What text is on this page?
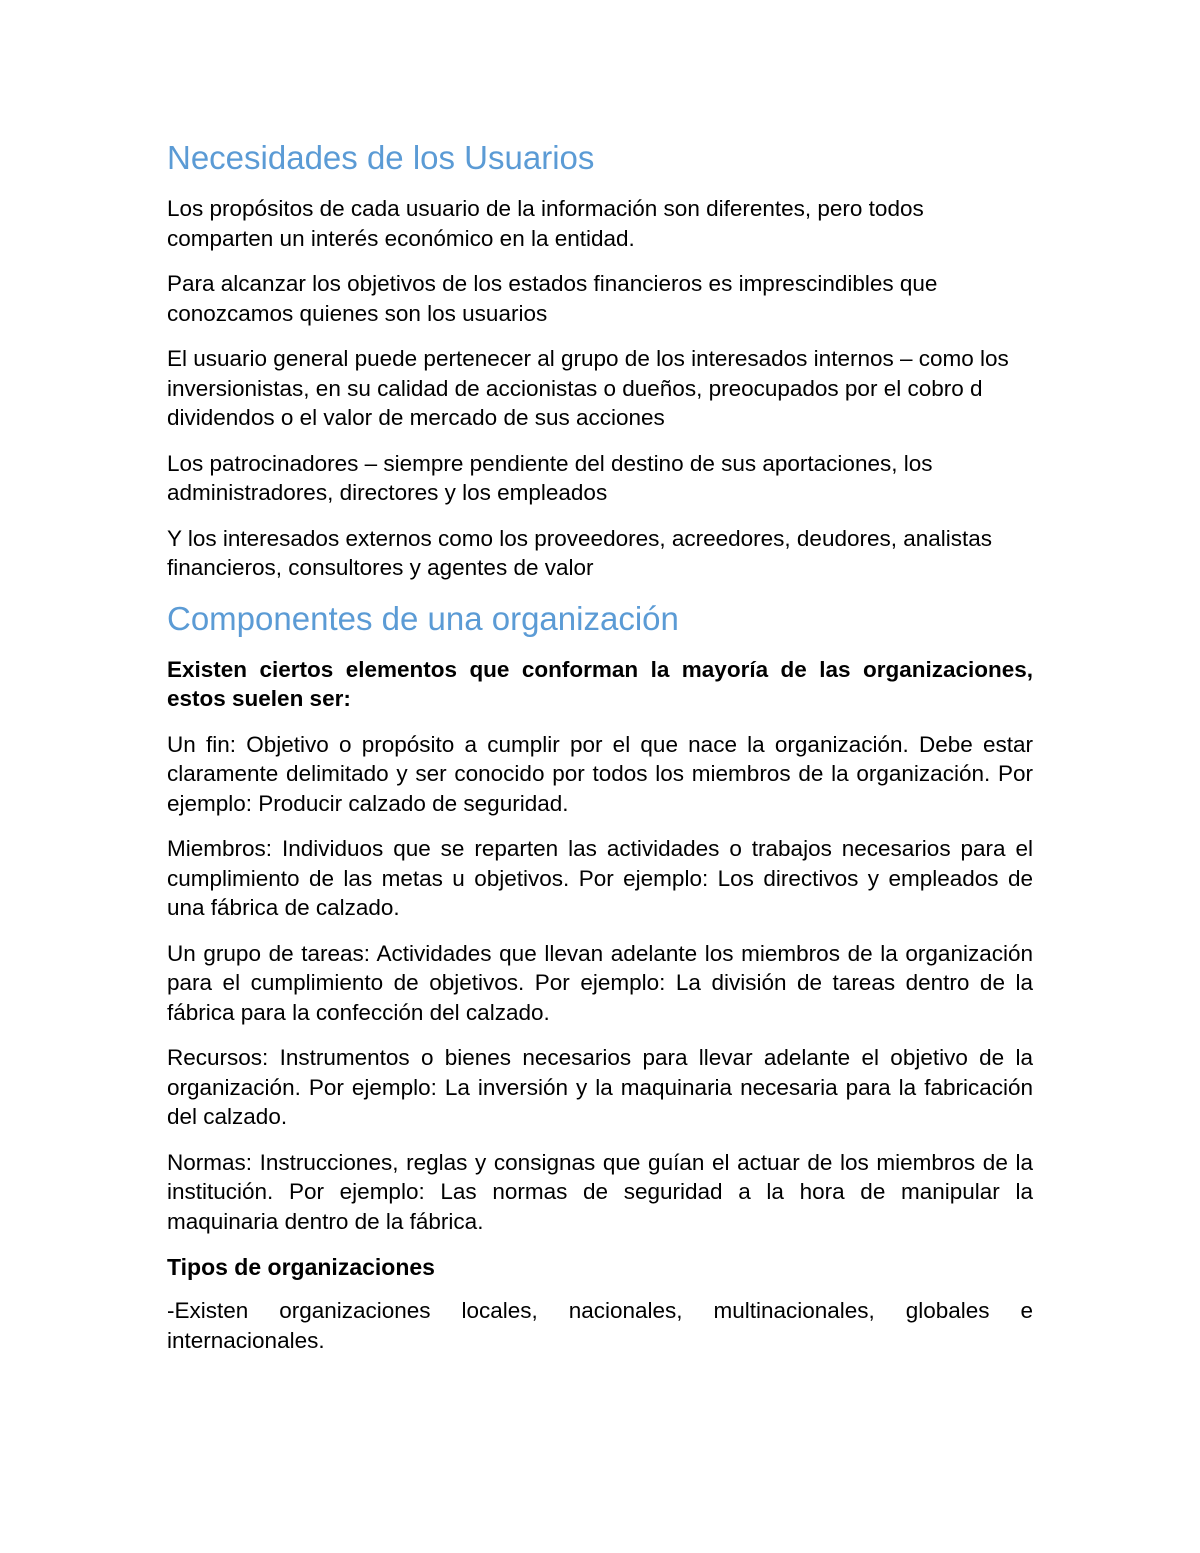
Necesidades de los Usuarios

Los propósitos de cada usuario de la información son diferentes, pero todos comparten un interés económico en la entidad.

Para alcanzar los objetivos de los estados financieros es imprescindibles que conozcamos quienes son los usuarios

El usuario general puede pertenecer al grupo de los interesados internos – como los inversionistas, en su calidad de accionistas o dueños, preocupados por el cobro d dividendos o el valor de mercado de sus acciones

Los patrocinadores – siempre pendiente del destino de sus aportaciones, los administradores, directores y los empleados

Y los interesados externos como los proveedores, acreedores, deudores, analistas financieros, consultores y agentes de valor

Componentes de una organización

Existen ciertos elementos que conforman la mayoría de las organizaciones, estos suelen ser:

Un fin: Objetivo o propósito a cumplir por el que nace la organización. Debe estar claramente delimitado y ser conocido por todos los miembros de la organización. Por ejemplo: Producir calzado de seguridad.

Miembros: Individuos que se reparten las actividades o trabajos necesarios para el cumplimiento de las metas u objetivos. Por ejemplo: Los directivos y empleados de una fábrica de calzado.

Un grupo de tareas: Actividades que llevan adelante los miembros de la organización para el cumplimiento de objetivos. Por ejemplo: La división de tareas dentro de la fábrica para la confección del calzado.

Recursos: Instrumentos o bienes necesarios para llevar adelante el objetivo de la organización. Por ejemplo: La inversión y la maquinaria necesaria para la fabricación del calzado.

Normas: Instrucciones, reglas y consignas que guían el actuar de los miembros de la institución. Por ejemplo: Las normas de seguridad a la hora de manipular la maquinaria dentro de la fábrica.

Tipos de organizaciones

-Existen organizaciones locales, nacionales, multinacionales, globales e internacionales.
